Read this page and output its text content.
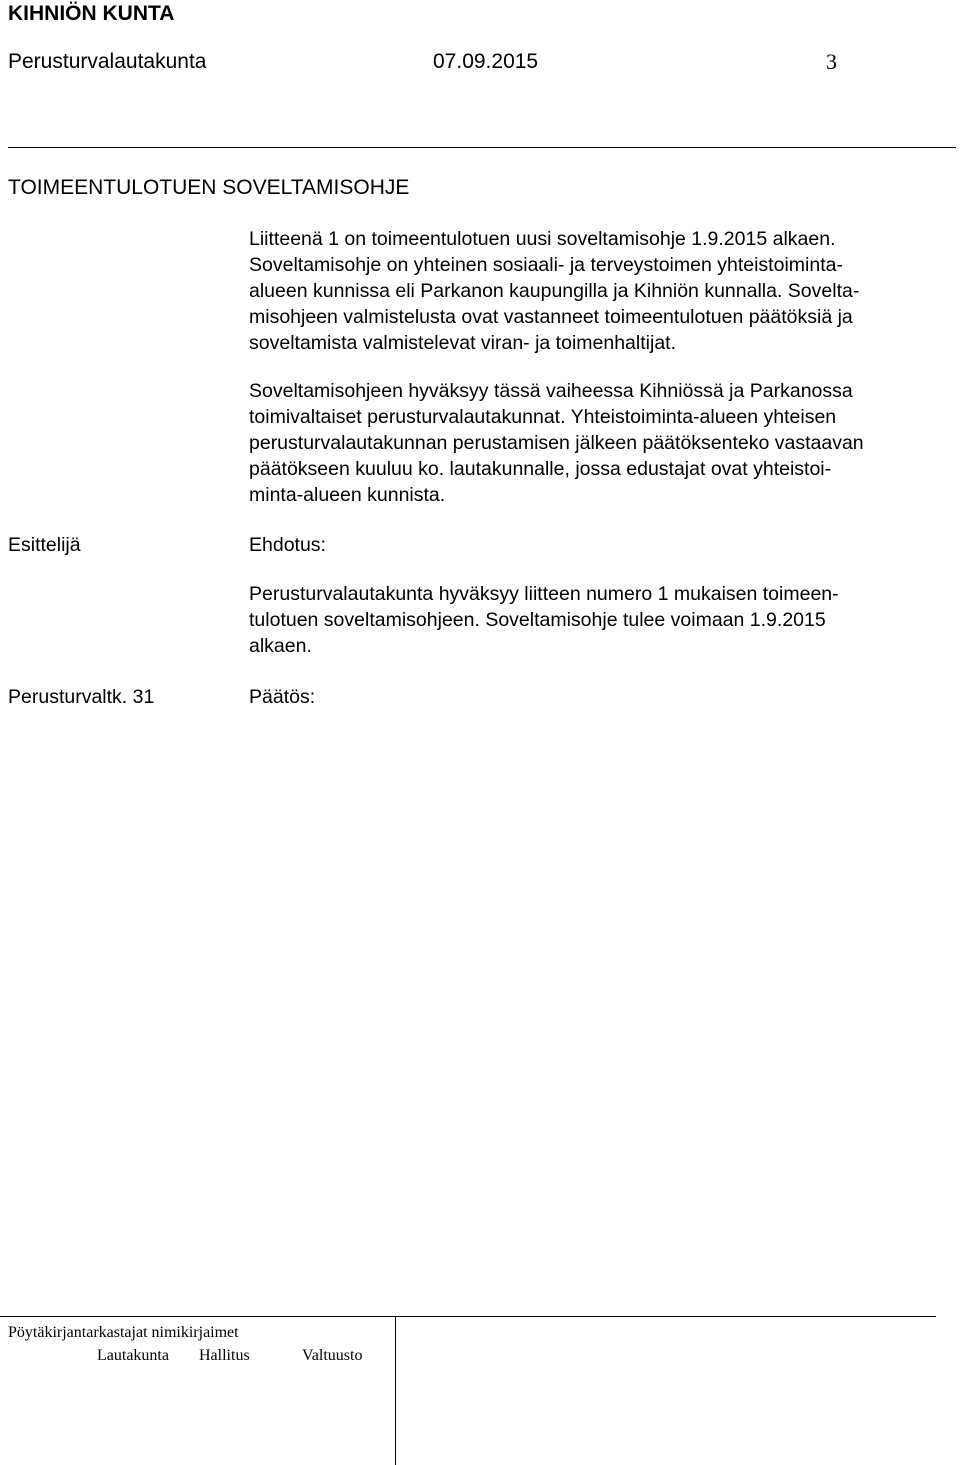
KIHNIÖN KUNTA
Perusturvalautakunta	07.09.2015	3
TOIMEENTULOTUEN SOVELTAMISOHJE
Liitteenä 1 on toimeentulotuen uusi soveltamisohje 1.9.2015 alkaen.
Soveltamisohje on yhteinen sosiaali- ja terveystoimen yhteistoiminta-
alueen kunnissa eli Parkanon kaupungilla ja Kihniön kunnalla. Sovelta-
misohjeen valmistelusta ovat vastanneet toimeentulotuen päätöksiä ja
soveltamista valmistelevat viran- ja toimenhaltijat.
Soveltamisohjeen hyväksyy tässä vaiheessa Kihniössä ja Parkanossa
toimivaltaiset perusturvalautakunnat. Yhteistoiminta-alueen yhteisen
perusturvalautakunnan perustamisen jälkeen päätöksenteko vastaavan
päätökseen kuuluu ko. lautakunnalle, jossa edustajat ovat yhteistoi-
minta-alueen kunnista.
Esittelijä	Ehdotus:
Perusturvalautakunta hyväksyy liitteen numero 1 mukaisen toimeen-
tulotuen soveltamisohjeen. Soveltamisohje tulee voimaan 1.9.2015
alkaen.
Perusturvaltk. 31	Päätös:
Pöytäkirjantarkastajat nimikirjaimet
Lautakunta Hallitus	Valtuusto
